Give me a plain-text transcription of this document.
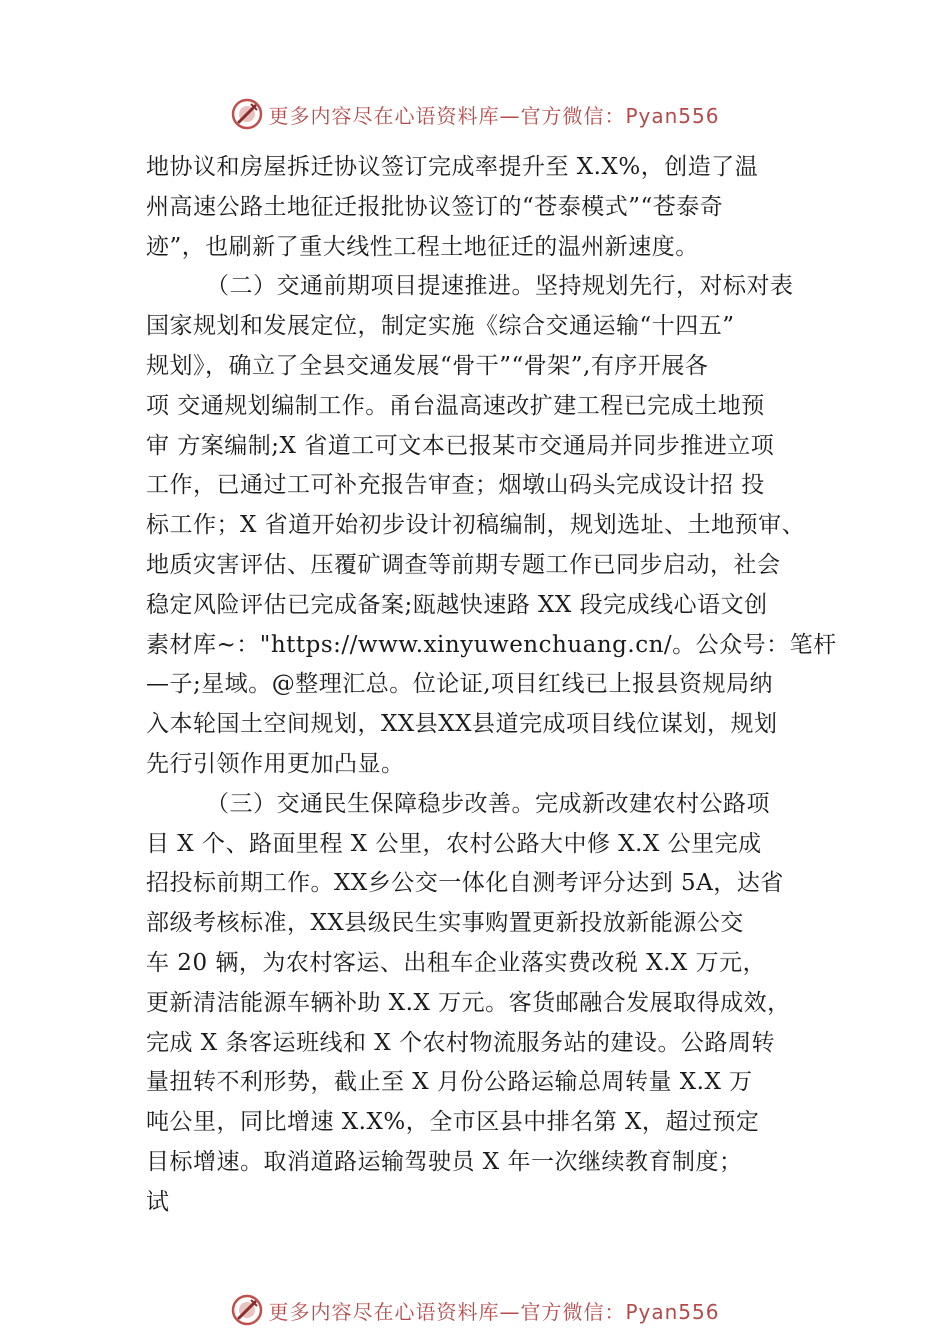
更多内容尽在心语资料库—官方微信：Pyan556
地协议和房屋拆迁协议签订完成率提升至 X.X%，创造了温
州高速公路土地征迁报批协议签订的“苍泰模式”“苍泰奇
迹”，也刷新了重大线性工程土地征迁的温州新速度。
（二）交通前期项目提速推进。坚持规划先行，对标对表
国家规划和发展定位，制定实施《综合交通运输“十四五”
规划》，确立了全县交通发展“骨干”“骨架”,有序开展各
项 交通规划编制工作。甬台温高速改扩建工程已完成土地预
审 方案编制;X 省道工可文本已报某市交通局并同步推进立项
工作，已通过工可补充报告审查；烟墩山码头完成设计招 投
标工作；X 省道开始初步设计初稿编制，规划选址、土地预审、
地质灾害评估、压覆矿调查等前期专题工作已同步启动，社会
稳定风险评估已完成备案;瓯越快速路 XX 段完成线心语文创
素材库~："https://www.xinyuwenchuang.cn/。公众号：笔杆
—子;星域。@整理汇总。位论证,项目红线已上报县资规局纳
入本轮国土空间规划，XX县XX县道完成项目线位谋划，规划
先行引领作用更加凸显。
（三）交通民生保障稳步改善。完成新改建农村公路项
目 X 个、路面里程 X 公里，农村公路大中修 X.X 公里完成
招投标前期工作。XX乡公交一体化自测考评分达到 5A，达省
部级考核标准，XX县级民生实事购置更新投放新能源公交
车 20 辆，为农村客运、出租车企业落实费改税 X.X 万元，
更新清洁能源车辆补助 X.X 万元。客货邮融合发展取得成效，
完成 X 条客运班线和 X 个农村物流服务站的建设。公路周转
量扭转不利形势，截止至 X 月份公路运输总周转量 X.X 万
吨公里，同比增速 X.X%，全市区县中排名第 X，超过预定
目标增速。取消道路运输驾驶员 X 年一次继续教育制度；
试
更多内容尽在心语资料库—官方微信：Pyan556
